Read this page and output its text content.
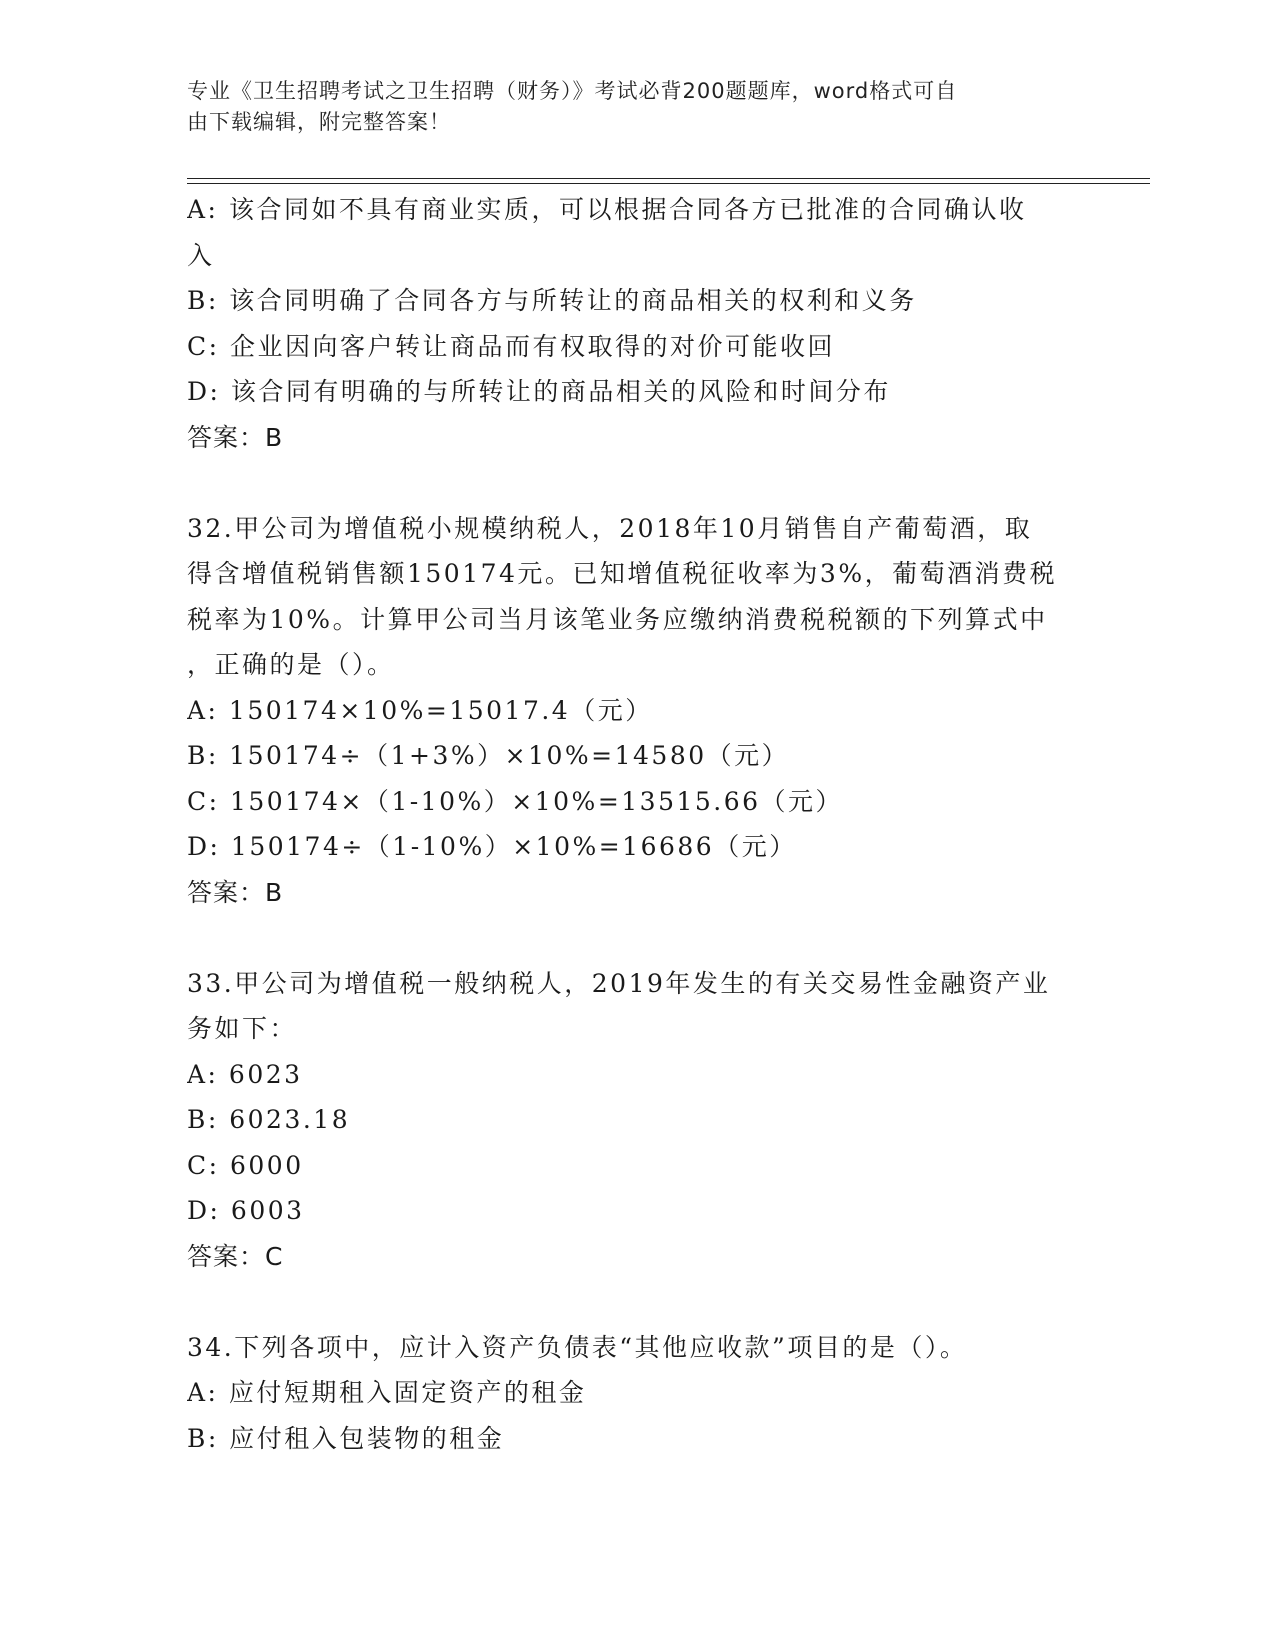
专业《卫生招聘考试之卫生招聘（财务）》考试必背200题题库，word格式可自
由下载编辑，附完整答案！
A: 该合同如不具有商业实质，可以根据合同各方已批准的合同确认收
入
B: 该合同明确了合同各方与所转让的商品相关的权利和义务
C: 企业因向客户转让商品而有权取得的对价可能收回
D: 该合同有明确的与所转让的商品相关的风险和时间分布
答案：B
32.甲公司为增值税小规模纳税人，2018年10月销售自产葡萄酒，取
得含增值税销售额150174元。已知增值税征收率为3%，葡萄酒消费税
税率为10%。计算甲公司当月该笔业务应缴纳消费税税额的下列算式中
，正确的是（）。
A: 150174×10%=15017.4（元）
B: 150174÷（1+3%）×10%=14580（元）
C: 150174×（1-10%）×10%=13515.66（元）
D: 150174÷（1-10%）×10%=16686（元）
答案：B
33.甲公司为增值税一般纳税人，2019年发生的有关交易性金融资产业
务如下：
A: 6023
B: 6023.18
C: 6000
D: 6003
答案：C
34.下列各项中，应计入资产负债表“其他应收款”项目的是（）。
A: 应付短期租入固定资产的租金
B: 应付租入包装物的租金
